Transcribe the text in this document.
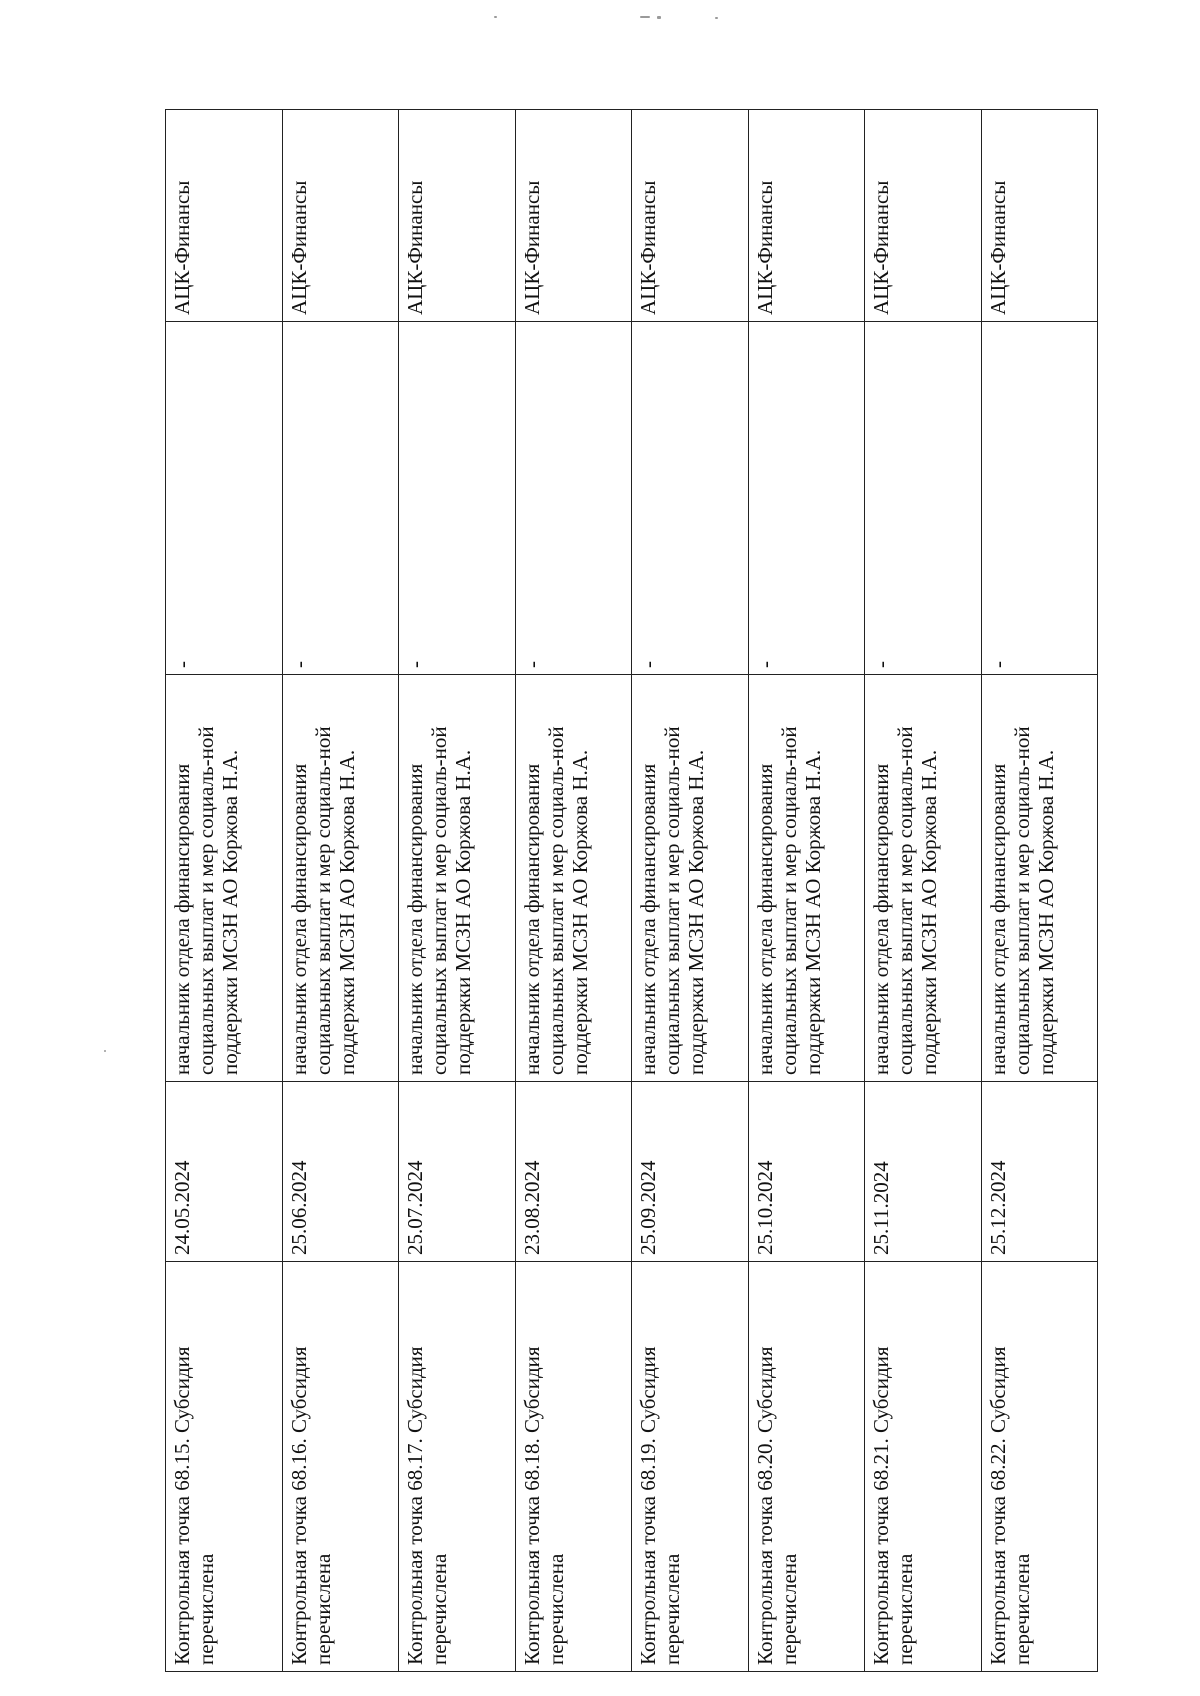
Контрольная точка 68.15. Субсидия перечислена	24.05.2024	начальник отдела финансирования социальных выплат и мер социаль-ной поддержки МСЗН АО Коржова Н.А.	-	АЦК-Финансы
Контрольная точка 68.16. Субсидия перечислена	25.06.2024	начальник отдела финансирования социальных выплат и мер социаль-ной поддержки МСЗН АО Коржова Н.А.	-	АЦК-Финансы
Контрольная точка 68.17. Субсидия перечислена	25.07.2024	начальник отдела финансирования социальных выплат и мер социаль-ной поддержки МСЗН АО Коржова Н.А.	-	АЦК-Финансы
Контрольная точка 68.18. Субсидия перечислена	23.08.2024	начальник отдела финансирования социальных выплат и мер социаль-ной поддержки МСЗН АО Коржова Н.А.	-	АЦК-Финансы
Контрольная точка 68.19. Субсидия перечислена	25.09.2024	начальник отдела финансирования социальных выплат и мер социаль-ной поддержки МСЗН АО Коржова Н.А.	-	АЦК-Финансы
Контрольная точка 68.20. Субсидия перечислена	25.10.2024	начальник отдела финансирования социальных выплат и мер социаль-ной поддержки МСЗН АО Коржова Н.А.	-	АЦК-Финансы
Контрольная точка 68.21. Субсидия перечислена	25.11.2024	начальник отдела финансирования социальных выплат и мер социаль-ной поддержки МСЗН АО Коржова Н.А.	-	АЦК-Финансы
Контрольная точка 68.22. Субсидия перечислена	25.12.2024	начальник отдела финансирования социальных выплат и мер социаль-ной поддержки МСЗН АО Коржова Н.А.	-	АЦК-Финансы
